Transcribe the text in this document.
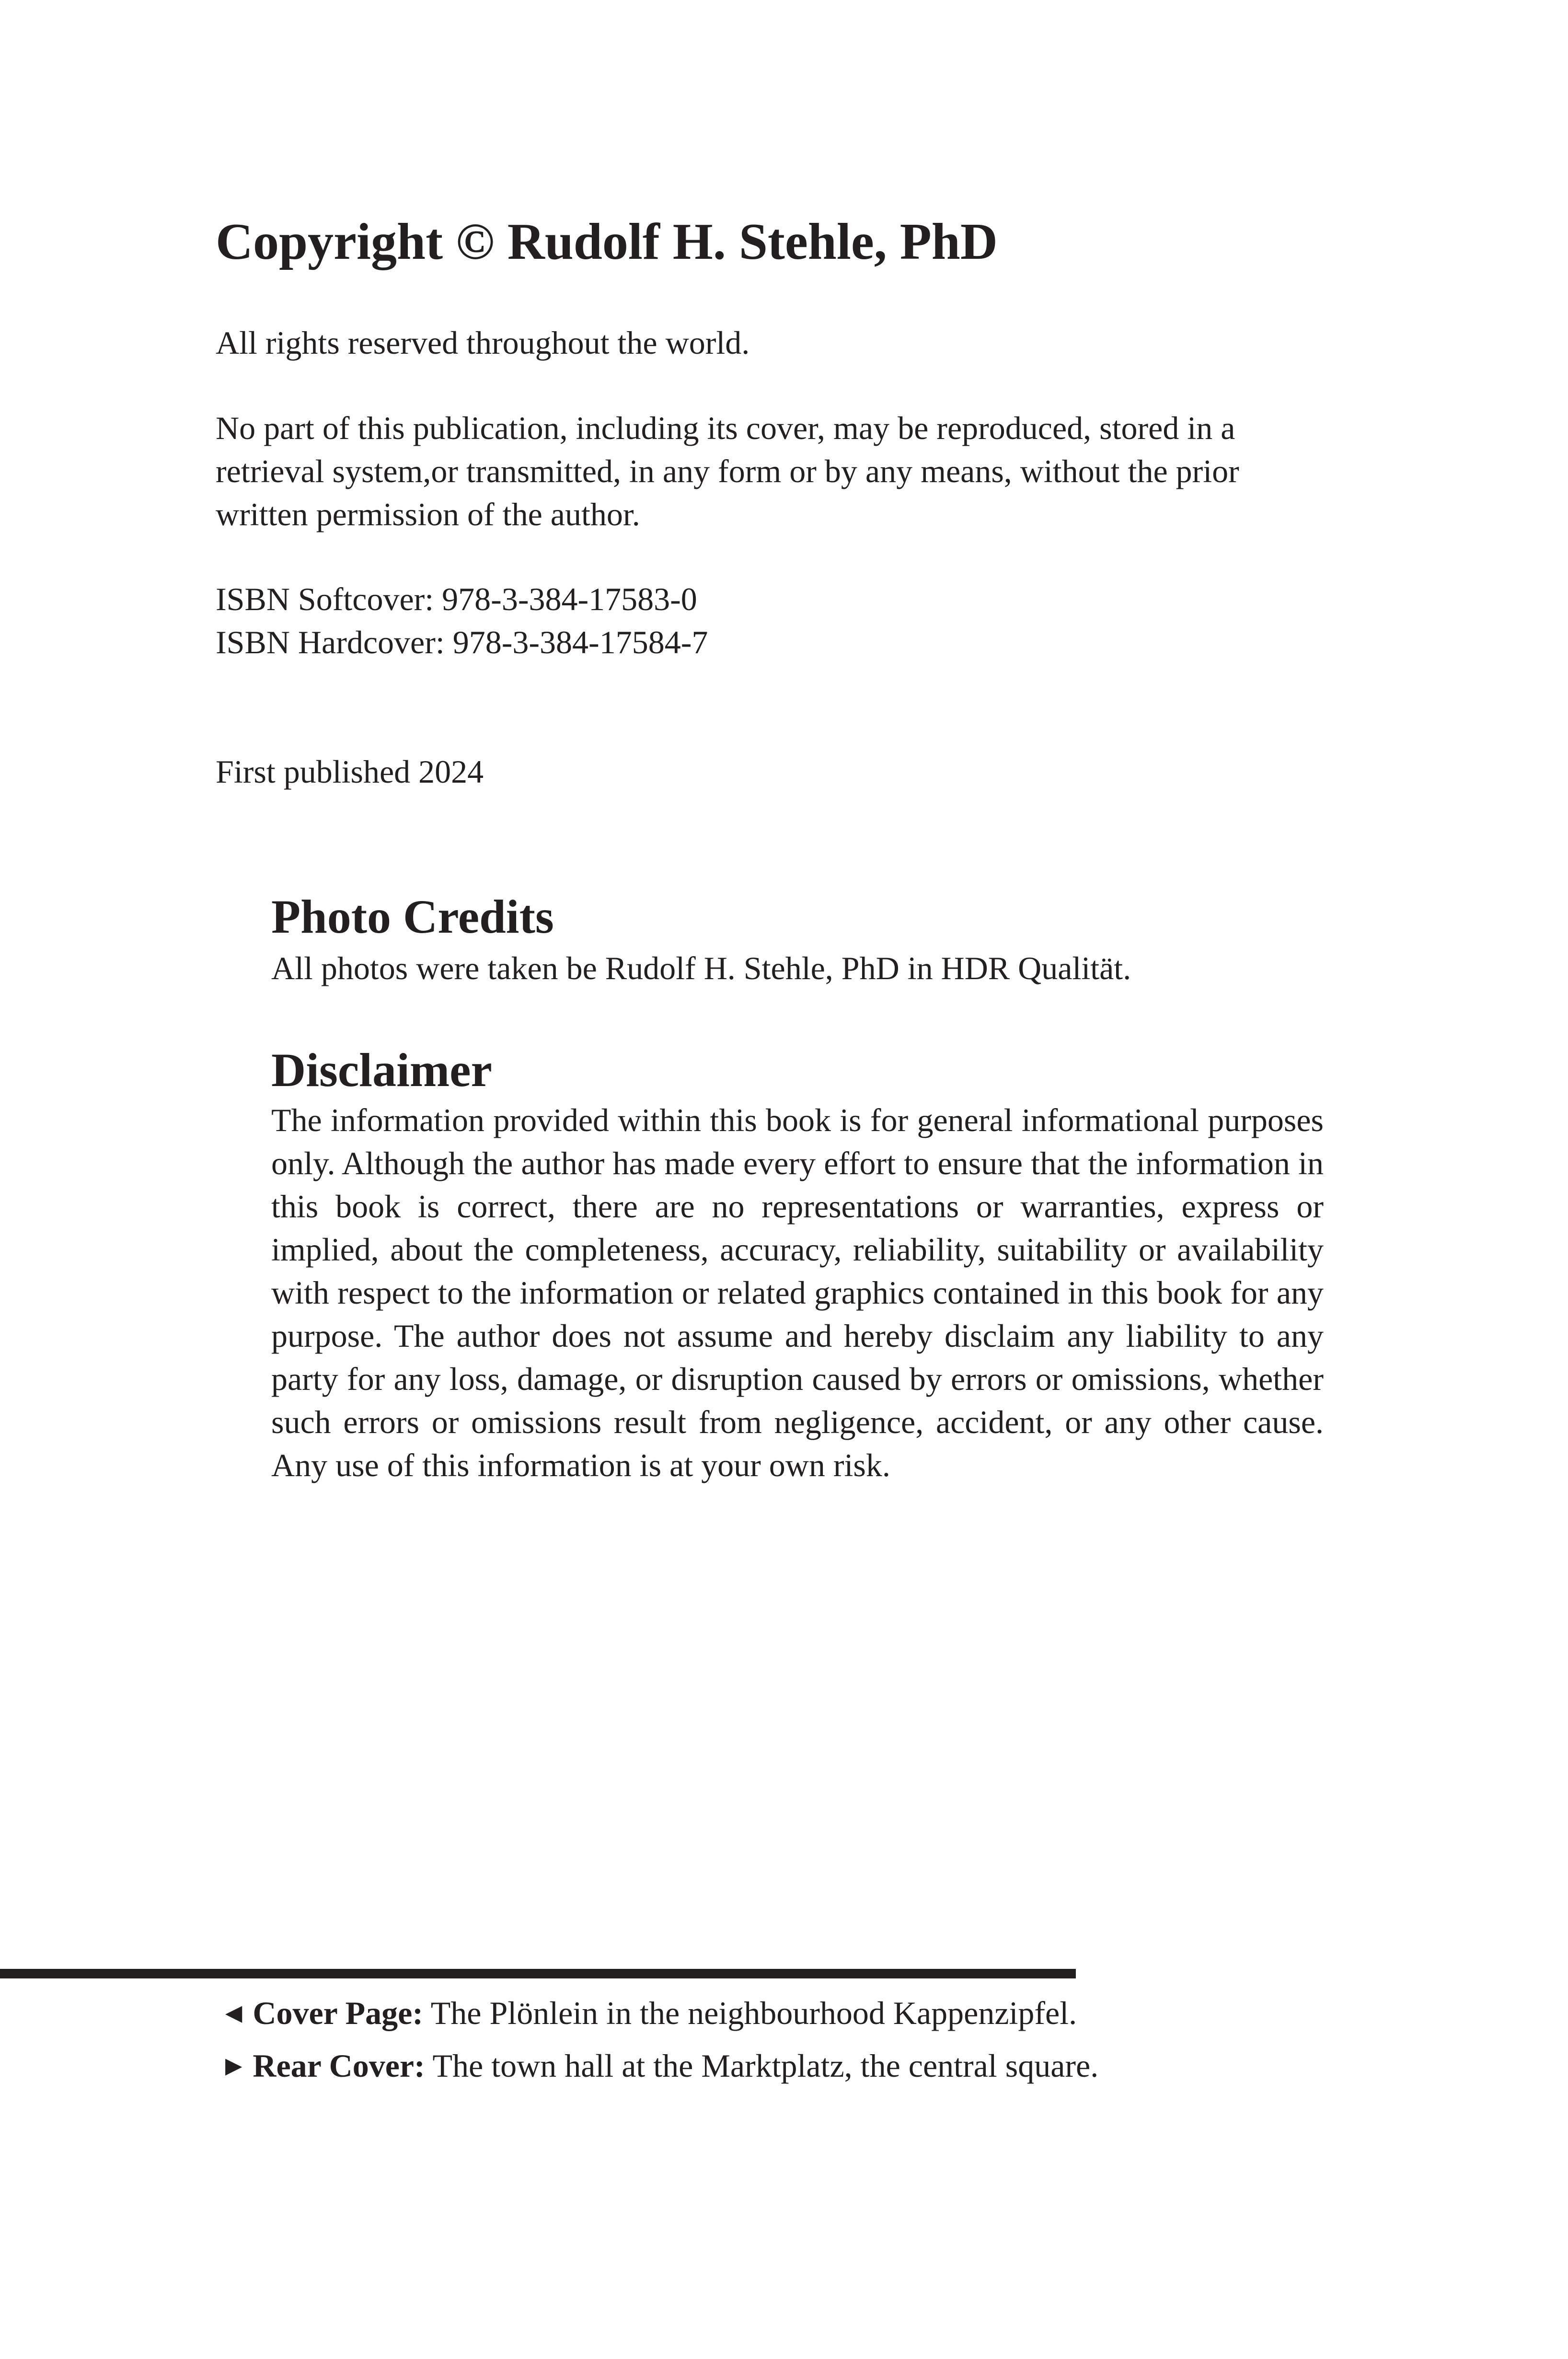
Copyright © Rudolf H. Stehle, PhD

All rights reserved throughout the world.

No part of this publication, including its cover, may be reproduced, stored in a
retrieval system,or transmitted, in any form or by any means, without the prior
written permission of the author.
ISBN Softcover: 978-3-384-17583-0
ISBN Hardcover: 978-3-384-17584-7

First published 2024

Photo Credits

All photos were taken be Rudolf H. Stehle, PhD in HDR Qualität.

Disclaimer

The information provided within this book is for general informational purposes only. Although the author has made every effort to ensure that the information in this book is correct, there are no representations or warranties, express or implied, about the completeness, accuracy, reliability, suitability or availability with respect to the information or related graphics contained in this book for any purpose. The author does not assume and hereby disclaim any liability to any party for any loss, damage, or disruption caused by errors or omissions, whether such errors or omissions result from negligence, accident, or any other cause. Any use of this information is at your own risk.

◀ Cover Page: The Plönlein in the neighbourhood Kappenzipfel.
▶ Rear Cover: The town hall at the Marktplatz, the central square.
